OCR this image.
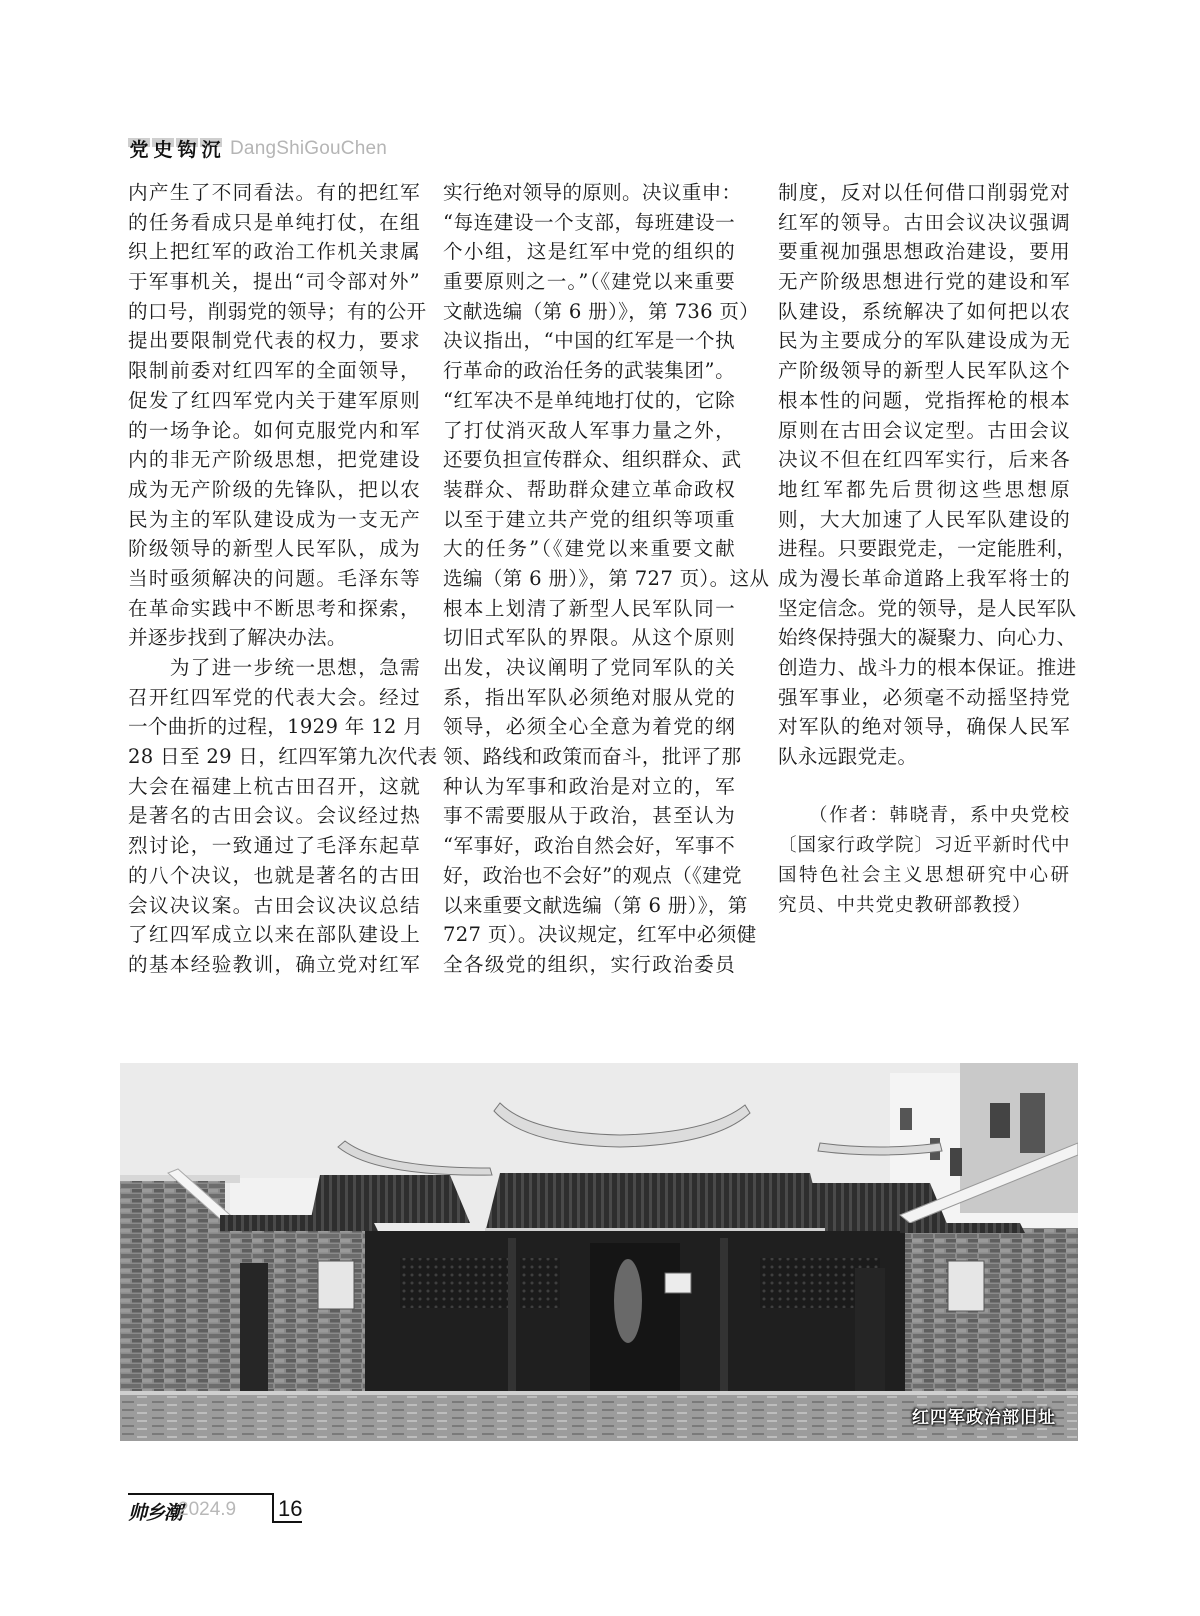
党 史 钩 沉 DangShiGouChen
内产生了不同看法。有的把红军
的任务看成只是单纯打仗，在组
织上把红军的政治工作机关隶属
于军事机关，提出“司令部对外”
的口号，削弱党的领导；有的公开
提出要限制党代表的权力，要求
限制前委对红四军的全面领导，
促发了红四军党内关于建军原则
的一场争论。如何克服党内和军
内的非无产阶级思想，把党建设
成为无产阶级的先锋队，把以农
民为主的军队建设成为一支无产
阶级领导的新型人民军队，成为
当时亟须解决的问题。毛泽东等
在革命实践中不断思考和探索，
并逐步找到了解决办法。
　　为了进一步统一思想，急需
召开红四军党的代表大会。经过
一个曲折的过程，1929 年 12 月
28 日至 29 日，红四军第九次代表
大会在福建上杭古田召开，这就
是著名的古田会议。会议经过热
烈讨论，一致通过了毛泽东起草
的八个决议，也就是著名的古田
会议决议案。古田会议决议总结
了红四军成立以来在部队建设上
的基本经验教训，确立党对红军
实行绝对领导的原则。决议重申：
“每连建设一个支部，每班建设一
个小组，这是红军中党的组织的
重要原则之一。”（《建党以来重要
文献选编（第 6 册）》，第 736 页）
决议指出，“中国的红军是一个执
行革命的政治任务的武装集团”。
“红军决不是单纯地打仗的，它除
了打仗消灭敌人军事力量之外，
还要负担宣传群众、组织群众、武
装群众、帮助群众建立革命政权
以至于建立共产党的组织等项重
大的任务”（《建党以来重要文献
选编（第 6 册）》，第 727 页）。这从
根本上划清了新型人民军队同一
切旧式军队的界限。从这个原则
出发，决议阐明了党同军队的关
系，指出军队必须绝对服从党的
领导，必须全心全意为着党的纲
领、路线和政策而奋斗，批评了那
种认为军事和政治是对立的，军
事不需要服从于政治，甚至认为
“军事好，政治自然会好，军事不
好，政治也不会好”的观点（《建党
以来重要文献选编（第 6 册）》，第
727 页）。决议规定，红军中必须健
全各级党的组织，实行政治委员
制度，反对以任何借口削弱党对
红军的领导。古田会议决议强调
要重视加强思想政治建设，要用
无产阶级思想进行党的建设和军
队建设，系统解决了如何把以农
民为主要成分的军队建设成为无
产阶级领导的新型人民军队这个
根本性的问题，党指挥枪的根本
原则在古田会议定型。古田会议
决议不但在红四军实行，后来各
地红军都先后贯彻这些思想原
则，大大加速了人民军队建设的
进程。只要跟党走，一定能胜利，
成为漫长革命道路上我军将士的
坚定信念。党的领导，是人民军队
始终保持强大的凝聚力、向心力、
创造力、战斗力的根本保证。推进
强军事业，必须毫不动摇坚持党
对军队的绝对领导，确保人民军
队永远跟党走。
　　（作者：韩晓青，系中央党校
〔国家行政学院〕习近平新时代中
国特色社会主义思想研究中心研
究员、中共党史教研部教授）
红四军政治部旧址
帅乡潮
2024.9 16
